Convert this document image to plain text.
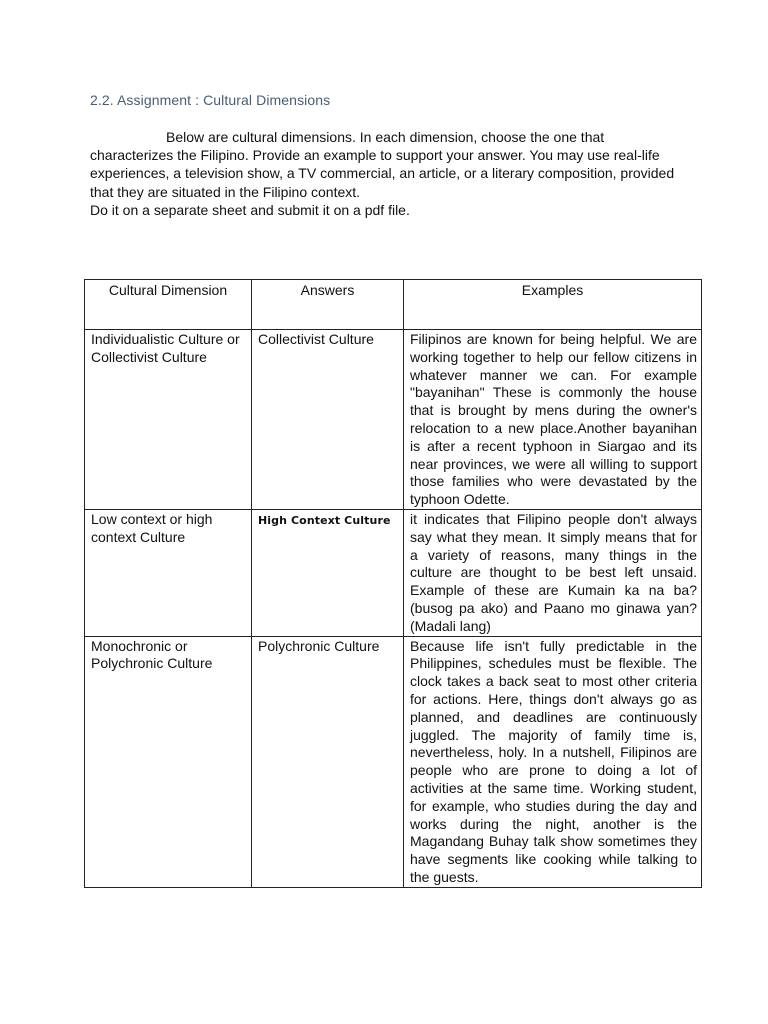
2.2. Assignment : Cultural Dimensions

Below are cultural dimensions. In each dimension, choose the one that characterizes the Filipino. Provide an example to support your answer. You may use real-life experiences, a television show, a TV commercial, an article, or a literary composition, provided that they are situated in the Filipino context.

Do it on a separate sheet and submit it on a pdf file.

Cultural Dimension	Answers	Examples
Individualistic Culture or Collectivist Culture	Collectivist Culture	Filipinos are known for being helpful. We are working together to help our fellow citizens in whatever manner we can. For example "bayanihan" These is commonly the house that is brought by mens during the owner's relocation to a new place.Another bayanihan is after a recent typhoon in Siargao and its near provinces, we were all willing to support those families who were devastated by the typhoon Odette.
Low context or high context Culture	High Context Culture	it indicates that Filipino people don't always say what they mean. It simply means that for a variety of reasons, many things in the culture are thought to be best left unsaid. Example of these are Kumain ka na ba? (busog pa ako) and Paano mo ginawa yan? (Madali lang)
Monochronic or Polychronic Culture	Polychronic Culture	Because life isn't fully predictable in the Philippines, schedules must be flexible. The clock takes a back seat to most other criteria for actions. Here, things don't always go as planned, and deadlines are continuously juggled. The majority of family time is, nevertheless, holy. In a nutshell, Filipinos are people who are prone to doing a lot of activities at the same time. Working student, for example, who studies during the day and works during the night, another is the Magandang Buhay talk show sometimes they have segments like cooking while talking to the guests.
